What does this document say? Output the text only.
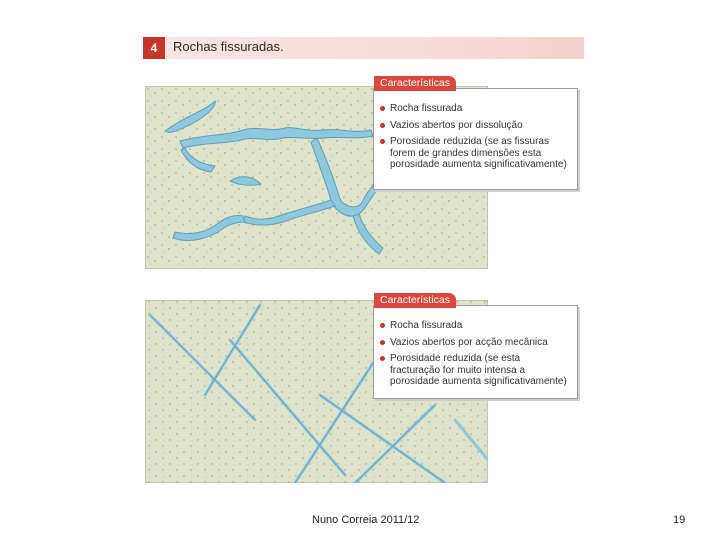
4	Rochas fissuradas.
Características
Rocha fissurada
Vazios abertos por dissolução
Porosidade reduzida (se as fissuras forem de grandes dimensões esta porosidade aumenta significativamente)
Características
Rocha fissurada
Vazios abertos por acção mecânica
Porosidade reduzida (se esta fracturação for muito intensa a porosidade aumenta significativamente)
Nuno Correia 2011/12	19
